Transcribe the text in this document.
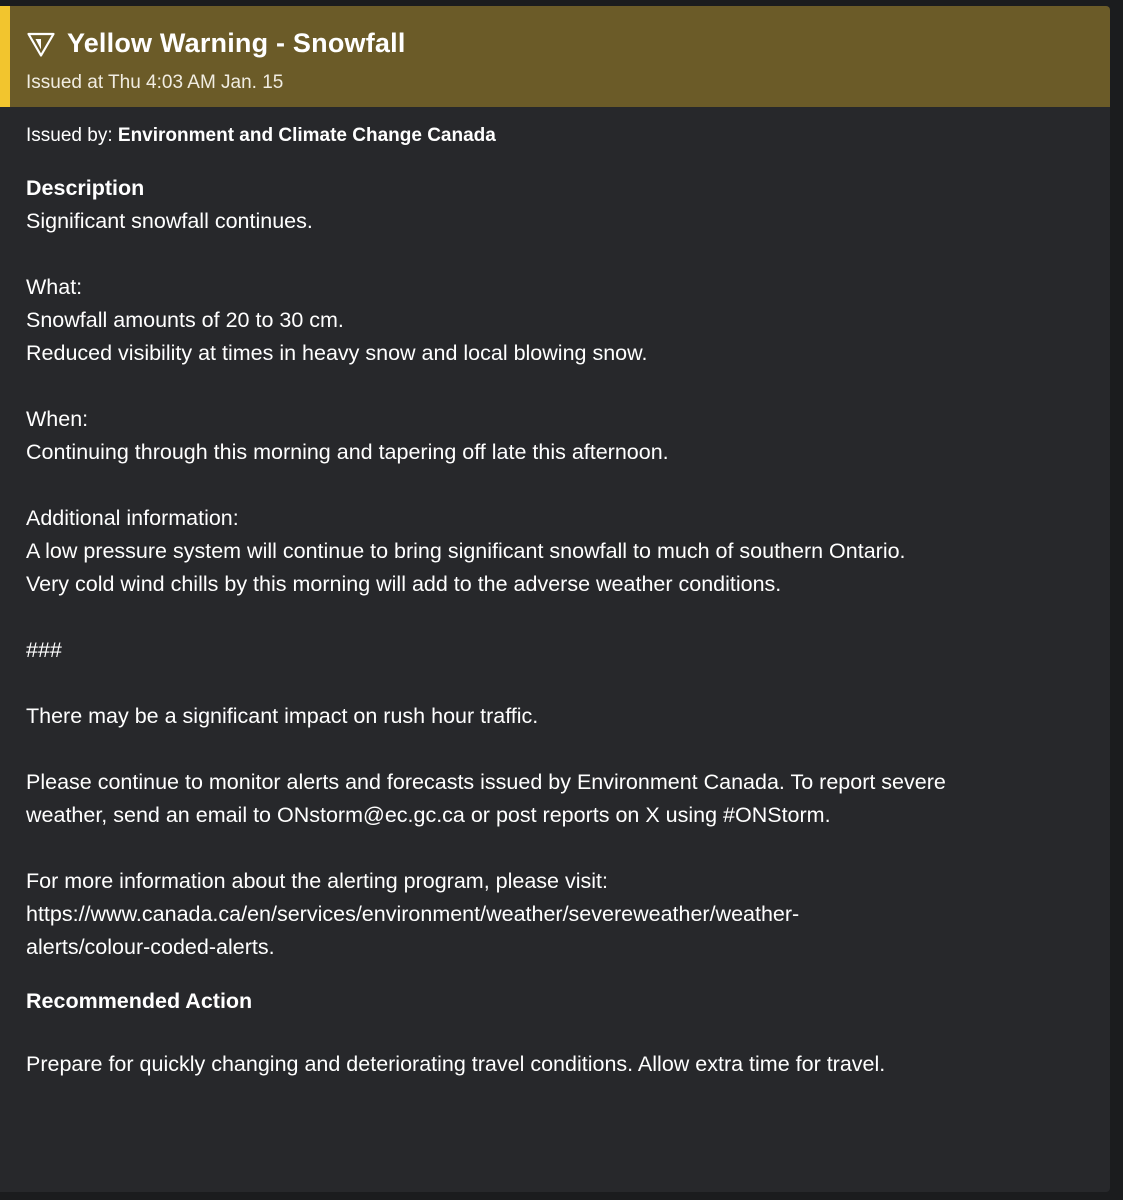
Yellow Warning - Snowfall
Issued at Thu 4:03 AM Jan. 15
Issued by: Environment and Climate Change Canada
Description
Significant snowfall continues.
What:
Snowfall amounts of 20 to 30 cm.
Reduced visibility at times in heavy snow and local blowing snow.
When:
Continuing through this morning and tapering off late this afternoon.
Additional information:
A low pressure system will continue to bring significant snowfall to much of southern Ontario.
Very cold wind chills by this morning will add to the adverse weather conditions.
###
There may be a significant impact on rush hour traffic.
Please continue to monitor alerts and forecasts issued by Environment Canada. To report severe
weather, send an email to ONstorm@ec.gc.ca or post reports on X using #ONStorm.
For more information about the alerting program, please visit:
https://www.canada.ca/en/services/environment/weather/severeweather/weather-
alerts/colour-coded-alerts.
Recommended Action
Prepare for quickly changing and deteriorating travel conditions. Allow extra time for travel.
